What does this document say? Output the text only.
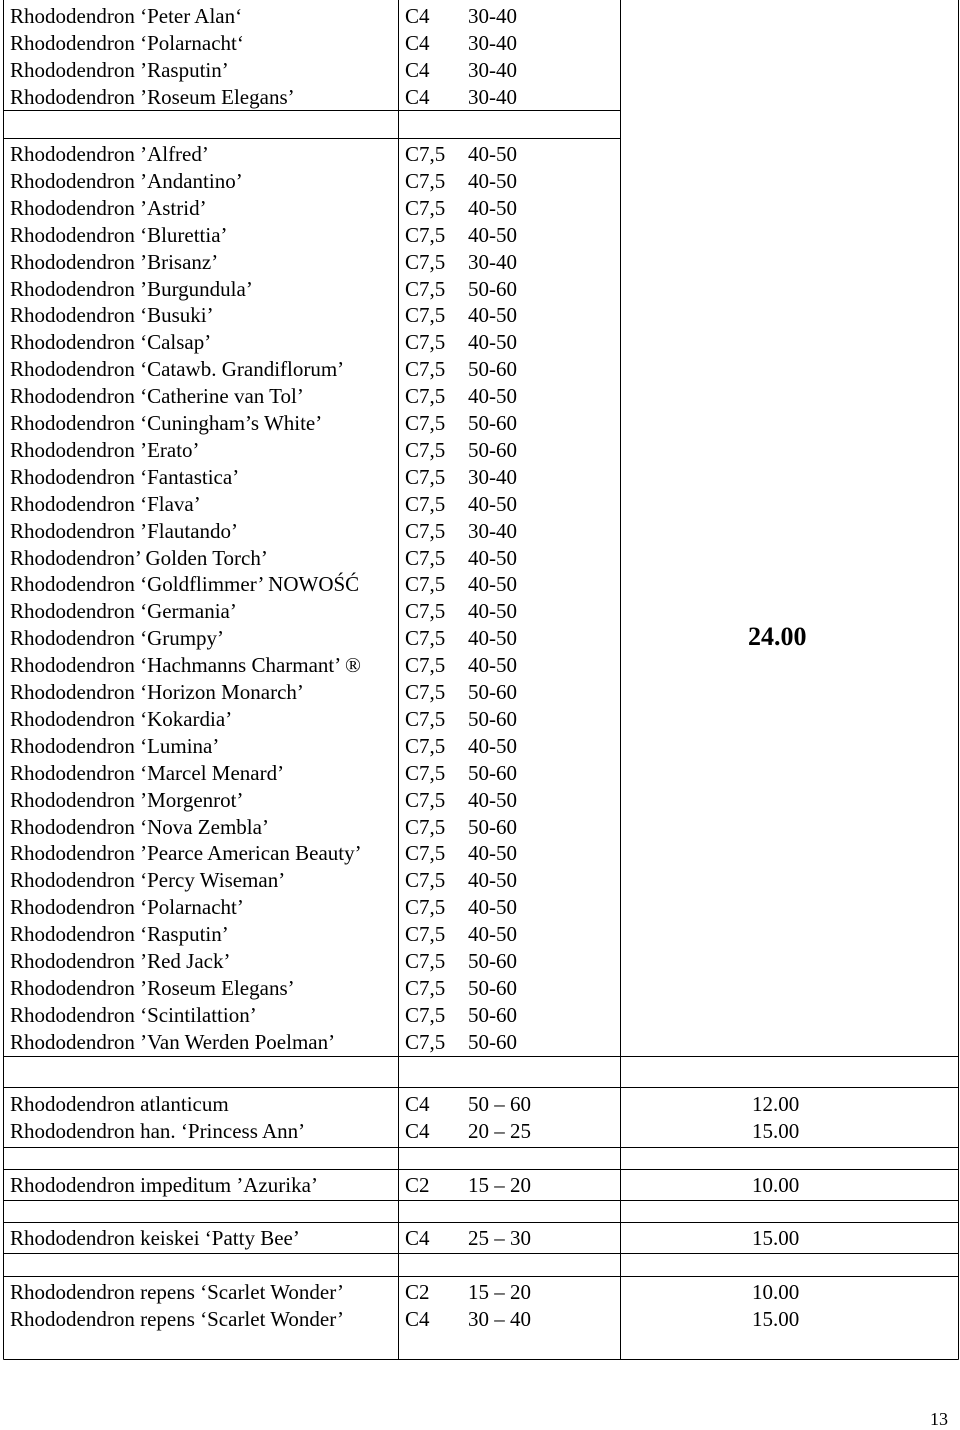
Rhododendron ‘Peter Alan‘	C4 30-40
Rhododendron ‘Polarnacht‘	C4 30-40
Rhododendron ’Rasputin’	C4 30-40
Rhododendron ’Roseum Elegans’	C4 30-40
Rhododendron ’Alfred’	C7,5 40-50
Rhododendron ’Andantino’	C7,5 40-50
Rhododendron ’Astrid’	C7,5 40-50
Rhododendron ‘Blurettia’	C7,5 40-50
Rhododendron ’Brisanz’	C7,5 30-40
Rhododendron ’Burgundula’	C7,5 50-60
Rhododendron ‘Busuki’	C7,5 40-50
Rhododendron ‘Calsap’	C7,5 40-50
Rhododendron ‘Catawb. Grandiflorum’	C7,5 50-60
Rhododendron ‘Catherine van Tol’	C7,5 40-50
Rhododendron ‘Cuningham’s White’	C7,5 50-60
Rhododendron ’Erato’	C7,5 50-60
Rhododendron ‘Fantastica’	C7,5 30-40
Rhododendron ‘Flava’	C7,5 40-50
Rhododendron ’Flautando’	C7,5 30-40
Rhododendron’ Golden Torch’	C7,5 40-50
Rhododendron ‘Goldflimmer’ NOWOŚĆ C7,5 40-50
Rhododendron ‘Germania’	C7,5 40-50
Rhododendron ‘Grumpy’	C7,5 40-50	24.00
Rhododendron ‘Hachmanns Charmant’ ® C7,5 40-50
Rhododendron ‘Horizon Monarch’	C7,5 50-60
Rhododendron ‘Kokardia’	C7,5 50-60
Rhododendron ‘Lumina’	C7,5 40-50
Rhododendron ‘Marcel Menard’	C7,5 50-60
Rhododendron ’Morgenrot’	C7,5 40-50
Rhododendron ‘Nova Zembla’	C7,5 50-60
Rhododendron ’Pearce American Beauty’ C7,5 40-50
Rhododendron ‘Percy Wiseman’	C7,5 40-50
Rhododendron ‘Polarnacht’	C7,5 40-50
Rhododendron ‘Rasputin’	C7,5 40-50
Rhododendron ’Red Jack’	C7,5 50-60
Rhododendron ’Roseum Elegans’	C7,5 50-60
Rhododendron ‘Scintilattion’	C7,5 50-60
Rhododendron ’Van Werden Poelman’	C7,5 50-60
Rhododendron atlanticum	C4 50 – 60	12.00
Rhododendron han. ‘Princess Ann’	C4 20 – 25	15.00
Rhododendron impeditum ’Azurika’	C2 15 – 20	10.00
Rhododendron keiskei ‘Patty Bee’	C4 25 – 30	15.00
Rhododendron repens ‘Scarlet Wonder’	C2 15 – 20	10.00
Rhododendron repens ‘Scarlet Wonder’	C4 30 – 40	15.00
13
